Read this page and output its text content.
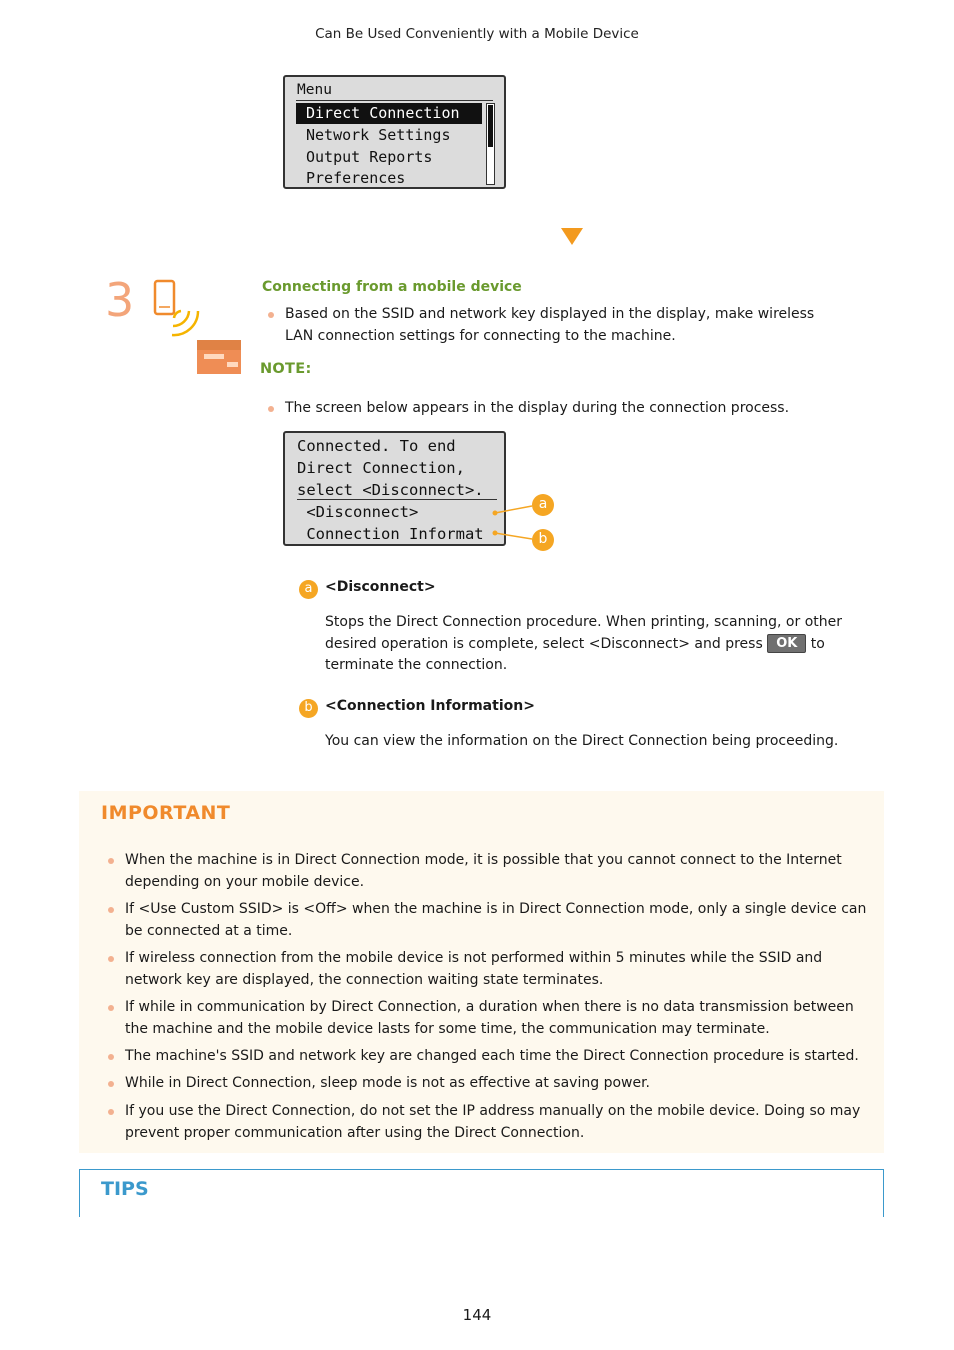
Can Be Used Conveniently with a Mobile Device
Menu
Direct Connection
Network Settings
Output Reports
Preferences
3	Connecting from a mobile device
Based on the SSID and network key displayed in the display, make wireless LAN connection settings for connecting to the machine.
NOTE:
The screen below appears in the display during the connection process.
Connected. To end
Direct Connection,
select <Disconnect>.
<Disconnect>
Connection Informat
a
b
a <Disconnect>
Stops the Direct Connection procedure. When printing, scanning, or other desired operation is complete, select <Disconnect> and press OK to terminate the connection.
b <Connection Information>
You can view the information on the Direct Connection being proceeding.
IMPORTANT
When the machine is in Direct Connection mode, it is possible that you cannot connect to the Internet depending on your mobile device.
If <Use Custom SSID> is <Off> when the machine is in Direct Connection mode, only a single device can be connected at a time.
If wireless connection from the mobile device is not performed within 5 minutes while the SSID and network key are displayed, the connection waiting state terminates.
If while in communication by Direct Connection, a duration when there is no data transmission between the machine and the mobile device lasts for some time, the communication may terminate.
The machine's SSID and network key are changed each time the Direct Connection procedure is started.
While in Direct Connection, sleep mode is not as effective at saving power.
If you use the Direct Connection, do not set the IP address manually on the mobile device. Doing so may prevent proper communication after using the Direct Connection.
TIPS
144
